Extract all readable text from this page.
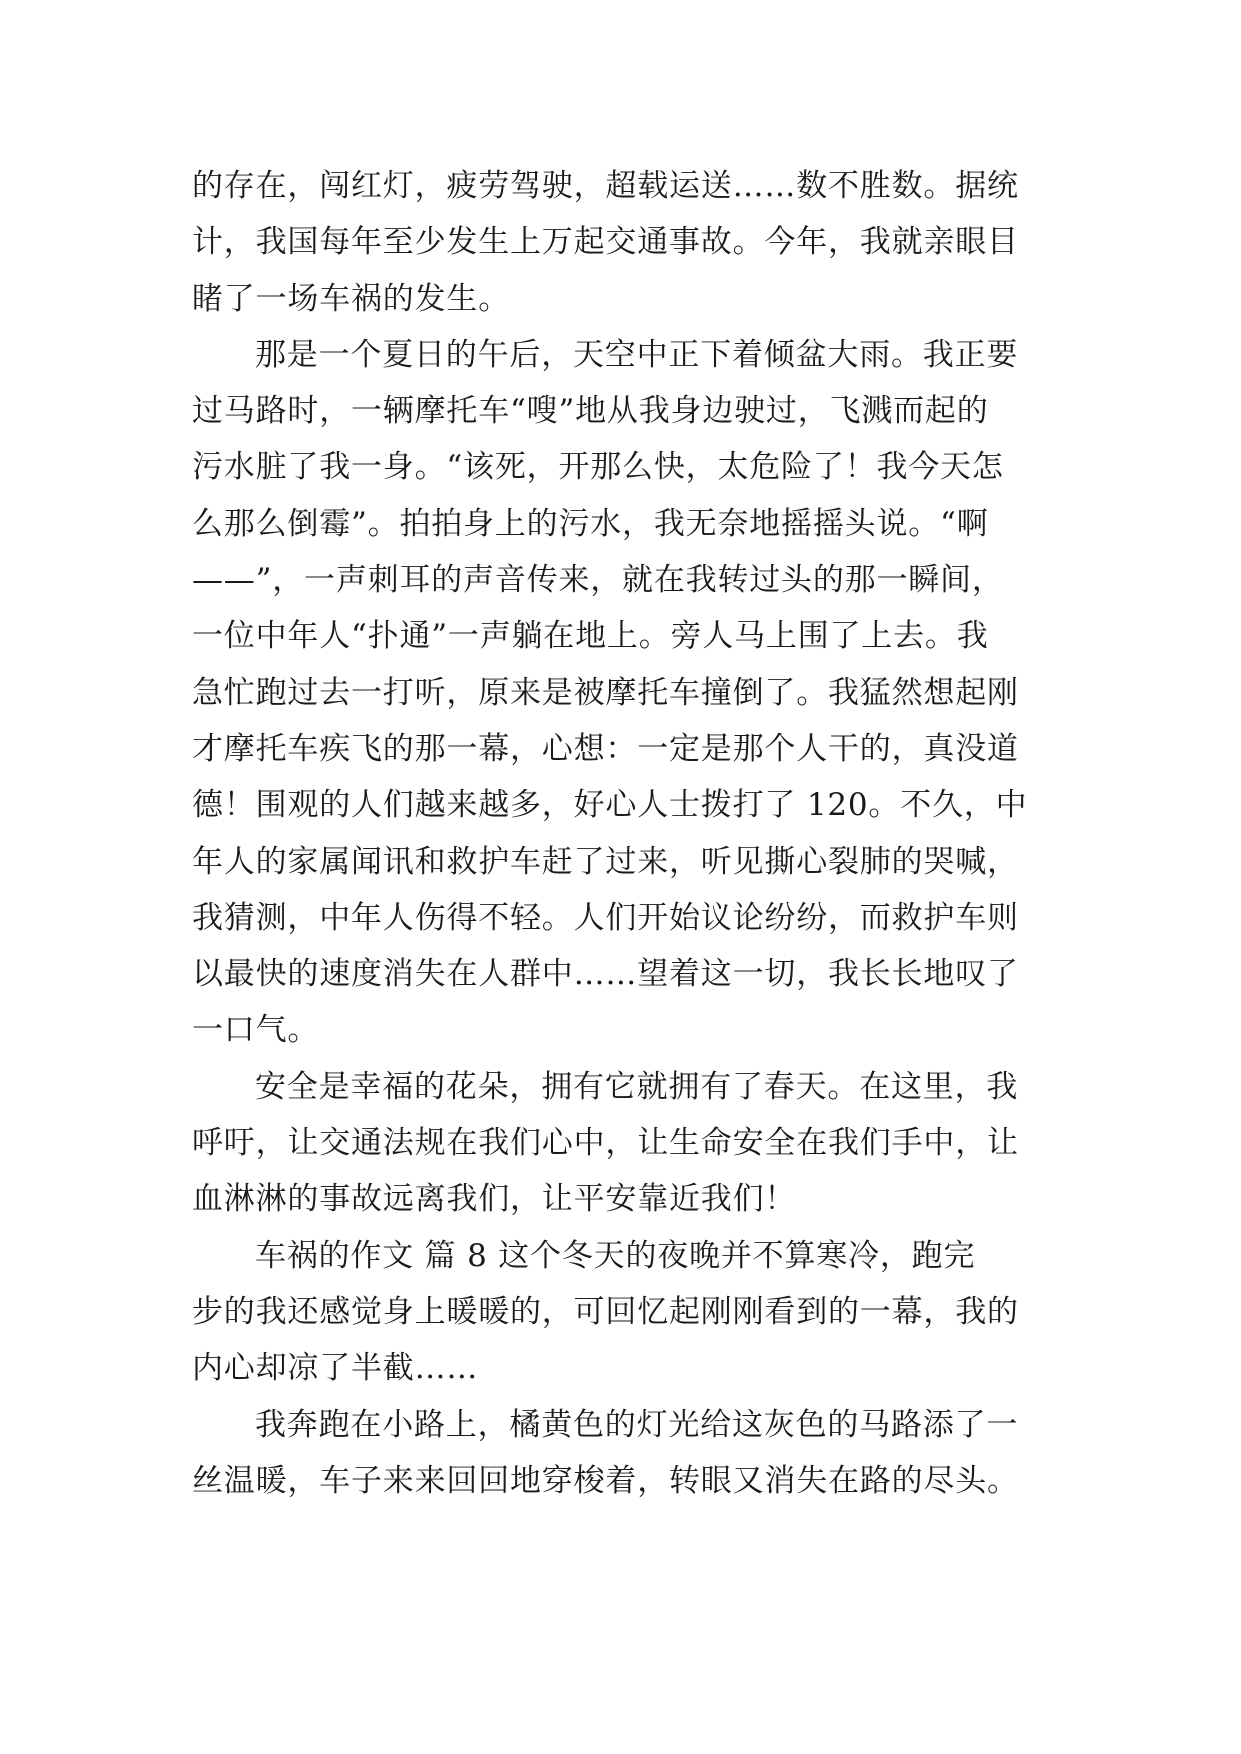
的存在，闯红灯，疲劳驾驶，超载运送……数不胜数。据统
计，我国每年至少发生上万起交通事故。今年，我就亲眼目
睹了一场车祸的发生。
那是一个夏日的午后，天空中正下着倾盆大雨。我正要
过马路时，一辆摩托车“嗖”地从我身边驶过，飞溅而起的
污水脏了我一身。“该死，开那么快，太危险了！我今天怎
么那么倒霉”。拍拍身上的污水，我无奈地摇摇头说。“啊
——”，一声刺耳的声音传来，就在我转过头的那一瞬间，
一位中年人“扑通”一声躺在地上。旁人马上围了上去。我
急忙跑过去一打听，原来是被摩托车撞倒了。我猛然想起刚
才摩托车疾飞的那一幕，心想：一定是那个人干的，真没道
德！围观的人们越来越多，好心人士拨打了 120。不久，中
年人的家属闻讯和救护车赶了过来，听见撕心裂肺的哭喊，
我猜测，中年人伤得不轻。人们开始议论纷纷，而救护车则
以最快的速度消失在人群中……望着这一切，我长长地叹了
一口气。
安全是幸福的花朵，拥有它就拥有了春天。在这里，我
呼吁，让交通法规在我们心中，让生命安全在我们手中，让
血淋淋的事故远离我们，让平安靠近我们！
车祸的作文 篇 8 这个冬天的夜晚并不算寒冷，跑完
步的我还感觉身上暖暖的，可回忆起刚刚看到的一幕，我的
内心却凉了半截……
我奔跑在小路上，橘黄色的灯光给这灰色的马路添了一
丝温暖，车子来来回回地穿梭着，转眼又消失在路的尽头。
